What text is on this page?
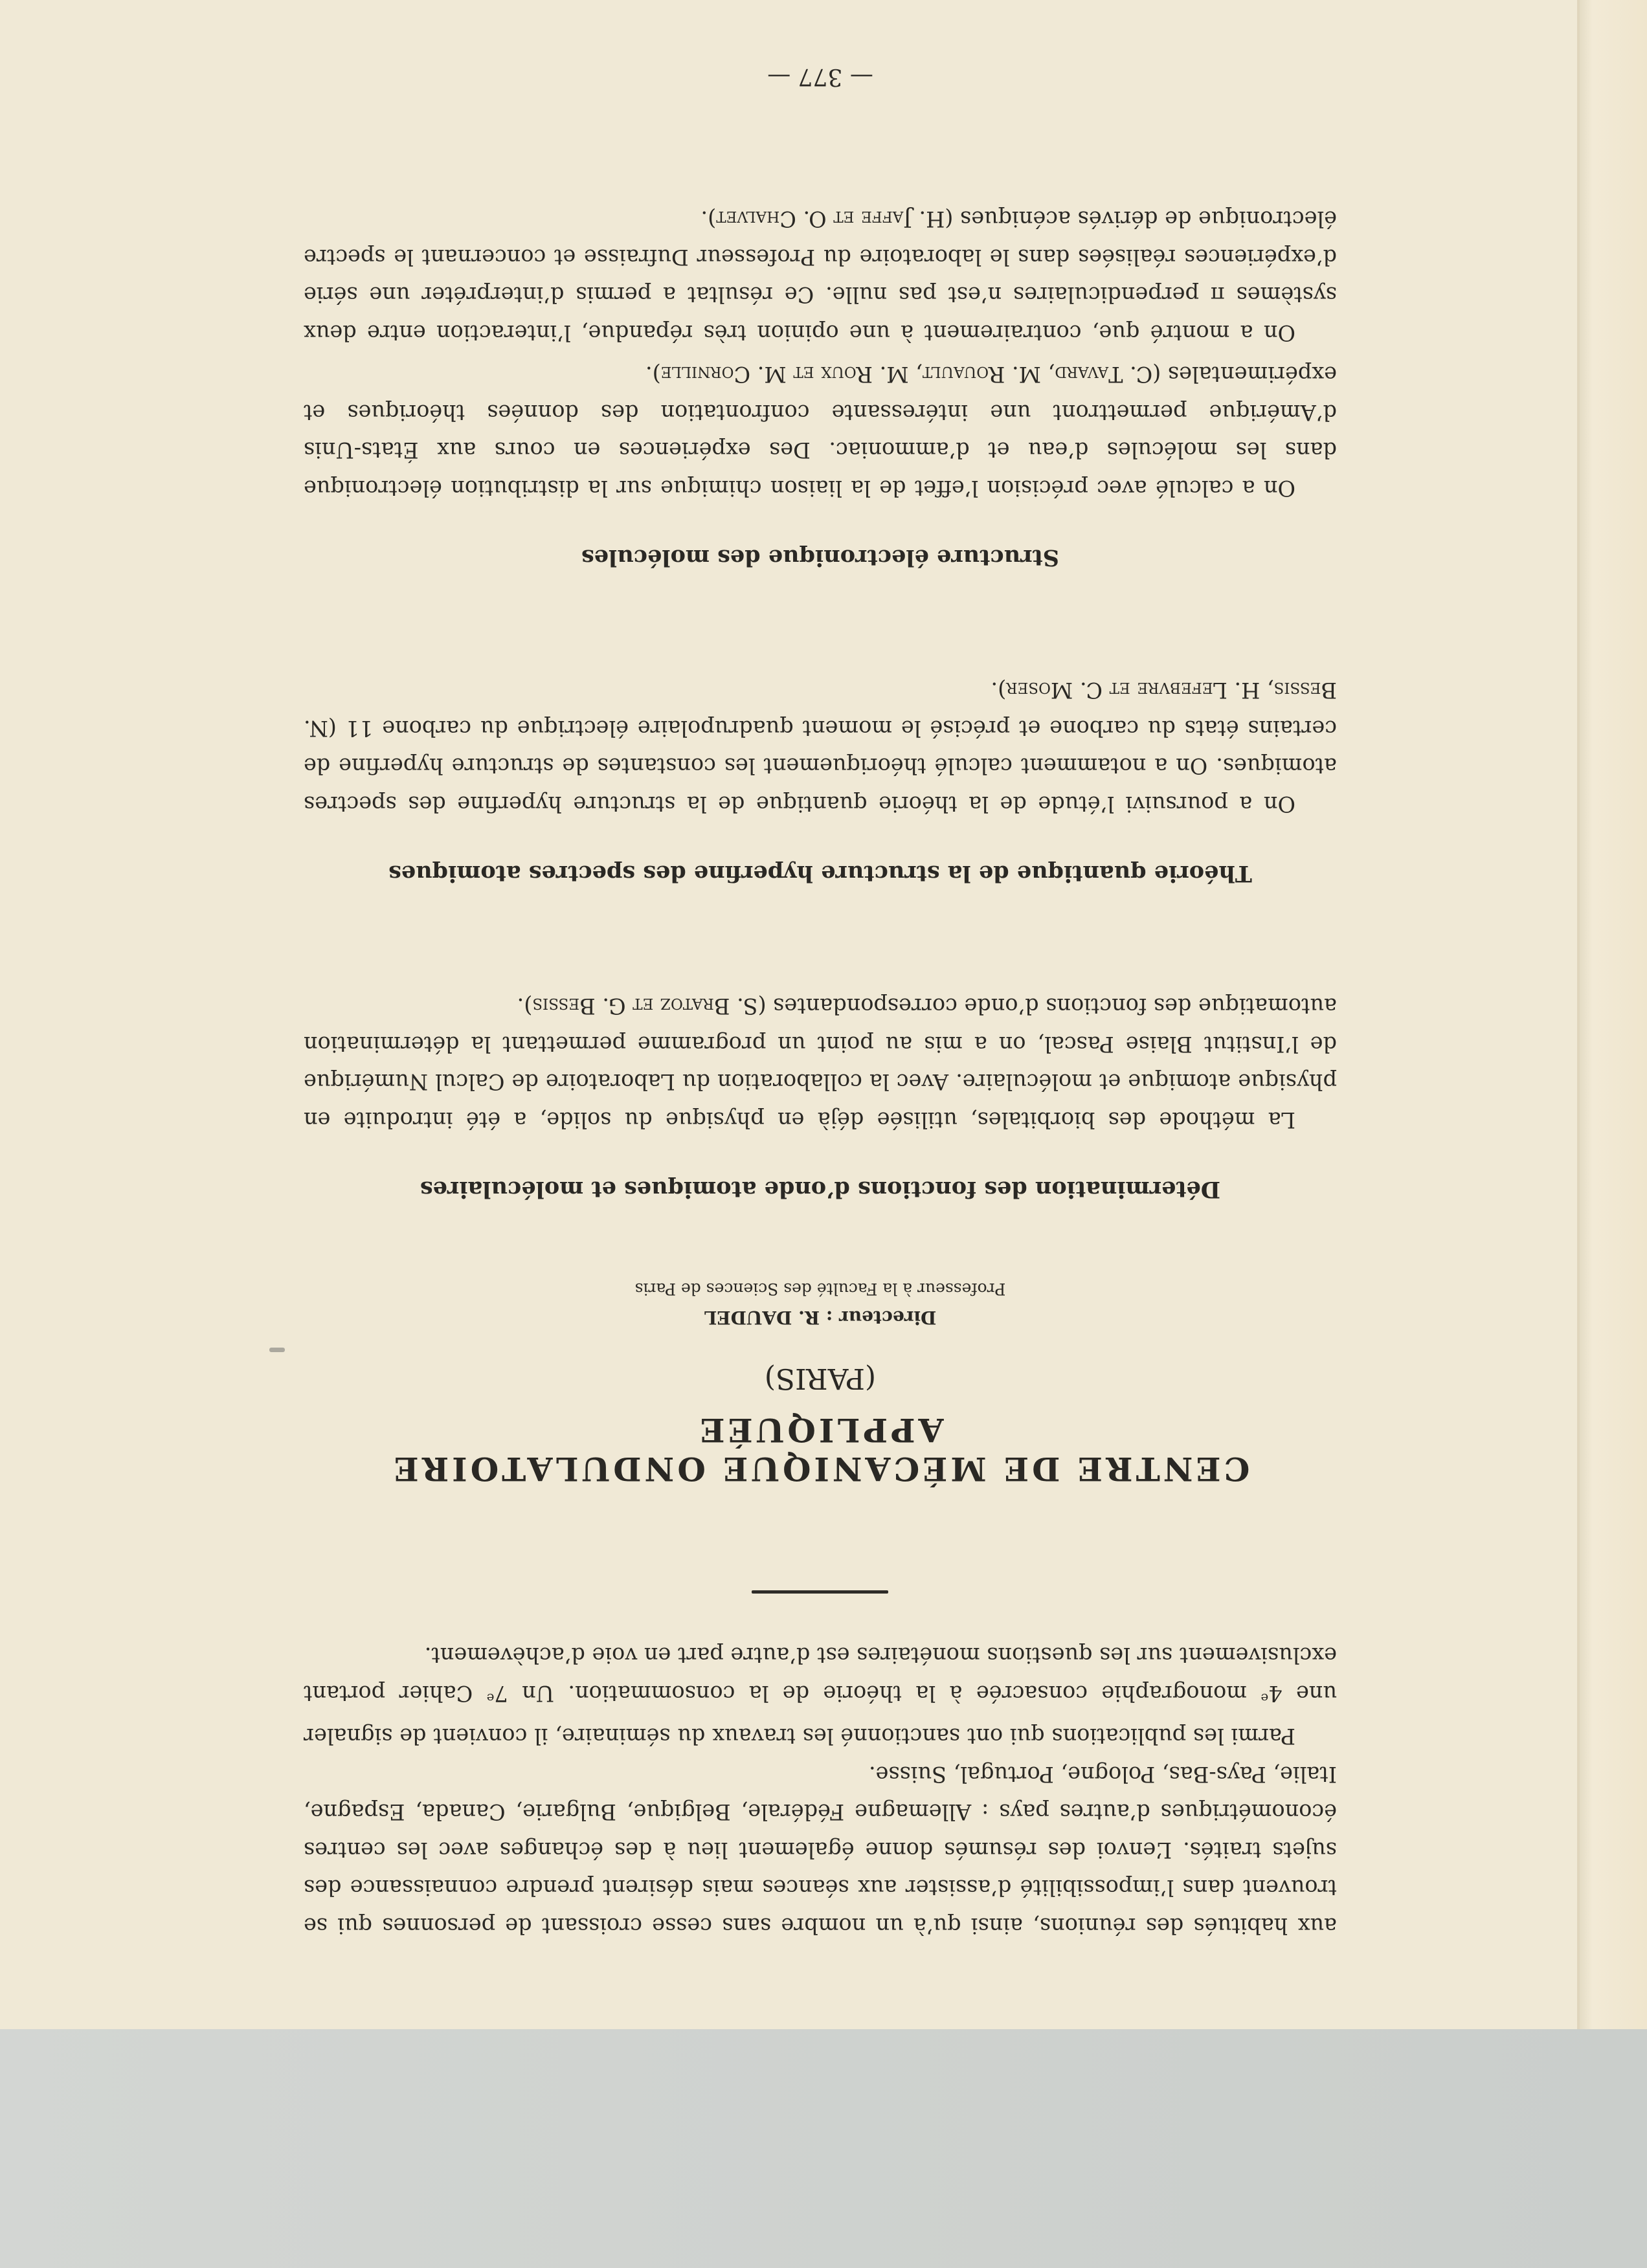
aux habitués des réunions, ainsi qu’à un nombre sans cesse croissant de personnes qui se trouvent dans l’impossibilité d’assister aux séances mais désirent prendre connaissance des sujets traités. L’envoi des résumés donne également lieu à des échanges avec les centres économétriques d’autres pays : Allemagne Fédérale, Belgique, Bulgarie, Canada, Espagne, Italie, Pays-Bas, Pologne, Portugal, Suisse.

Parmi les publications qui ont sanctionné les travaux du séminaire, il convient de signaler une 4e monographie consacrée à la théorie de la consommation. Un 7e Cahier portant exclusivement sur les questions monétaires est d’autre part en voie d’achèvement.

CENTRE DE MÉCANIQUE ONDULATOIRE APPLIQUÉE
(PARIS)
Directeur : R. DAUDEL
Professeur à la Faculté des Sciences de Paris
Détermination des fonctions d’onde atomiques et moléculaires

La méthode des biorbitales, utilisée déjà en physique du solide, a été introduite en physique atomique et moléculaire. Avec la collaboration du Laboratoire de Calcul Numérique de l’Institut Blaise Pascal, on a mis au point un programme permettant la détermination automatique des fonctions d’onde correspondantes (S. Bratoz et G. Bessis).

Théorie quantique de la structure hyperfine des spectres atomiques

On a poursuivi l’étude de la théorie quantique de la structure hyperfine des spectres atomiques. On a notamment calculé théoriquement les constantes de structure hyperfine de certains états du carbone et précisé le moment quadrupolaire électrique du carbone 11 (N. Bessis, H. Lefebvre et C. Moser).

Structure électronique des molécules

On a calculé avec précision l’effet de la liaison chimique sur la distribution électronique dans les molécules d’eau et d’ammoniac. Des expériences en cours aux États-Unis d’Amérique permettront une intéressante confrontation des données théoriques et expérimentales (C. Tavard, M. Rouault, M. Roux et M. Cornille).

On a montré que, contrairement à une opinion très répandue, l’interaction entre deux systèmes π perpendiculaires n’est pas nulle. Ce résultat a permis d’interpréter une série d’expériences réalisées dans le laboratoire du Professeur Dufraisse et concernant le spectre électronique de dérivés acéniques (H. Jaffe et O. Chalvet).

— 377 —
